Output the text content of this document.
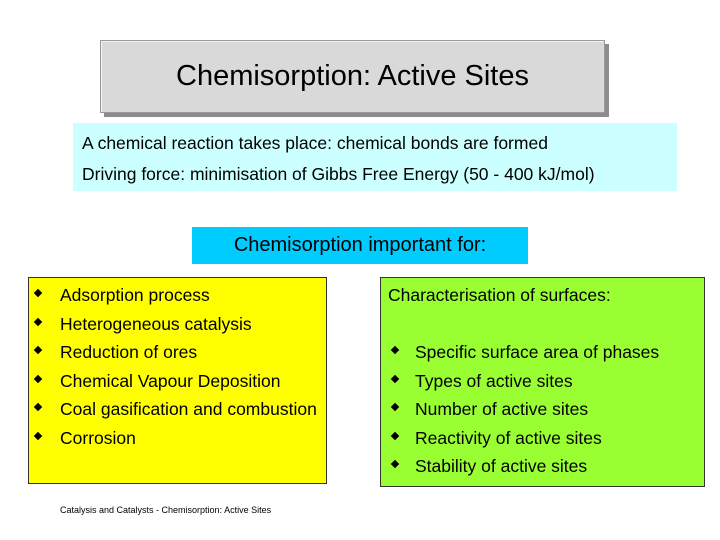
Chemisorption: Active Sites
A chemical reaction takes place: chemical bonds are formed
Driving force: minimisation of Gibbs Free Energy (50 - 400 kJ/mol)
Chemisorption important for:
Adsorption process
Heterogeneous catalysis
Reduction of ores
Chemical Vapour Deposition
Coal gasification and combustion
Corrosion
Characterisation of surfaces:
Specific surface area of phases
Types of active sites
Number of active sites
Reactivity of active sites
Stability of active sites
Catalysis and Catalysts - Chemisorption: Active Sites
